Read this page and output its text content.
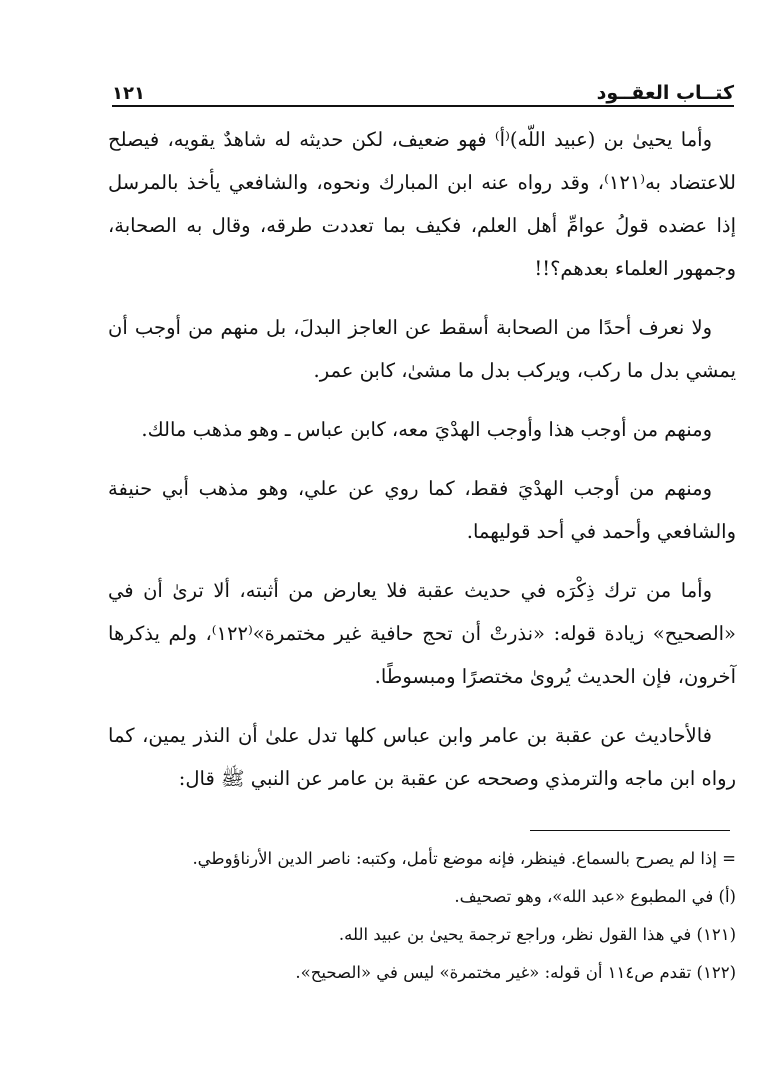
كتــاب العقــود
١٢١

وأما يحيىٰ بن (عبيد اللّه)⁽أ⁾ فهو ضعيف، لكن حديثه له شاهدٌ يقويه، فيصلح للاعتضاد به⁽١٢١⁾، وقد رواه عنه ابن المبارك ونحوه، والشافعي يأخذ بالمرسل إذا عضده قولُ عوامِّ أهل العلم، فكيف بما تعددت طرقه، وقال به الصحابة، وجمهور العلماء بعدهم؟!!

ولا نعرف أحدًا من الصحابة أسقط عن العاجز البدلَ، بل منهم من أوجب أن يمشي بدل ما ركب، ويركب بدل ما مشىٰ، كابن عمر.

ومنهم من أوجب هذا وأوجب الهدْيَ معه، كابن عباس ـ وهو مذهب مالك.

ومنهم من أوجب الهدْيَ فقط، كما روي عن علي، وهو مذهب أبي حنيفة والشافعي وأحمد في أحد قوليهما.

وأما من ترك ذِكْرَه في حديث عقبة فلا يعارض من أثبته، ألا ترىٰ أن في «الصحيح» زيادة قوله: «نذرتْ أن تحج حافية غير مختمرة»⁽١٢٢⁾، ولم يذكرها آخرون، فإن الحديث يُروىٰ مختصرًا ومبسوطًا.

فالأحاديث عن عقبة بن عامر وابن عباس كلها تدل علىٰ أن النذر يمين، كما رواه ابن ماجه والترمذي وصححه عن عقبة بن عامر عن النبي ﷺ قال:

= إذا لم يصرح بالسماع. فينظر، فإنه موضع تأمل، وكتبه: ناصر الدين الأرناؤوطي.

(أ) في المطبوع «عبد الله»، وهو تصحيف.

(١٢١) في هذا القول نظر، وراجع ترجمة يحيىٰ بن عبيد الله.

(١٢٢) تقدم ص١١٤ أن قوله: «غير مختمرة» ليس في «الصحيح».
